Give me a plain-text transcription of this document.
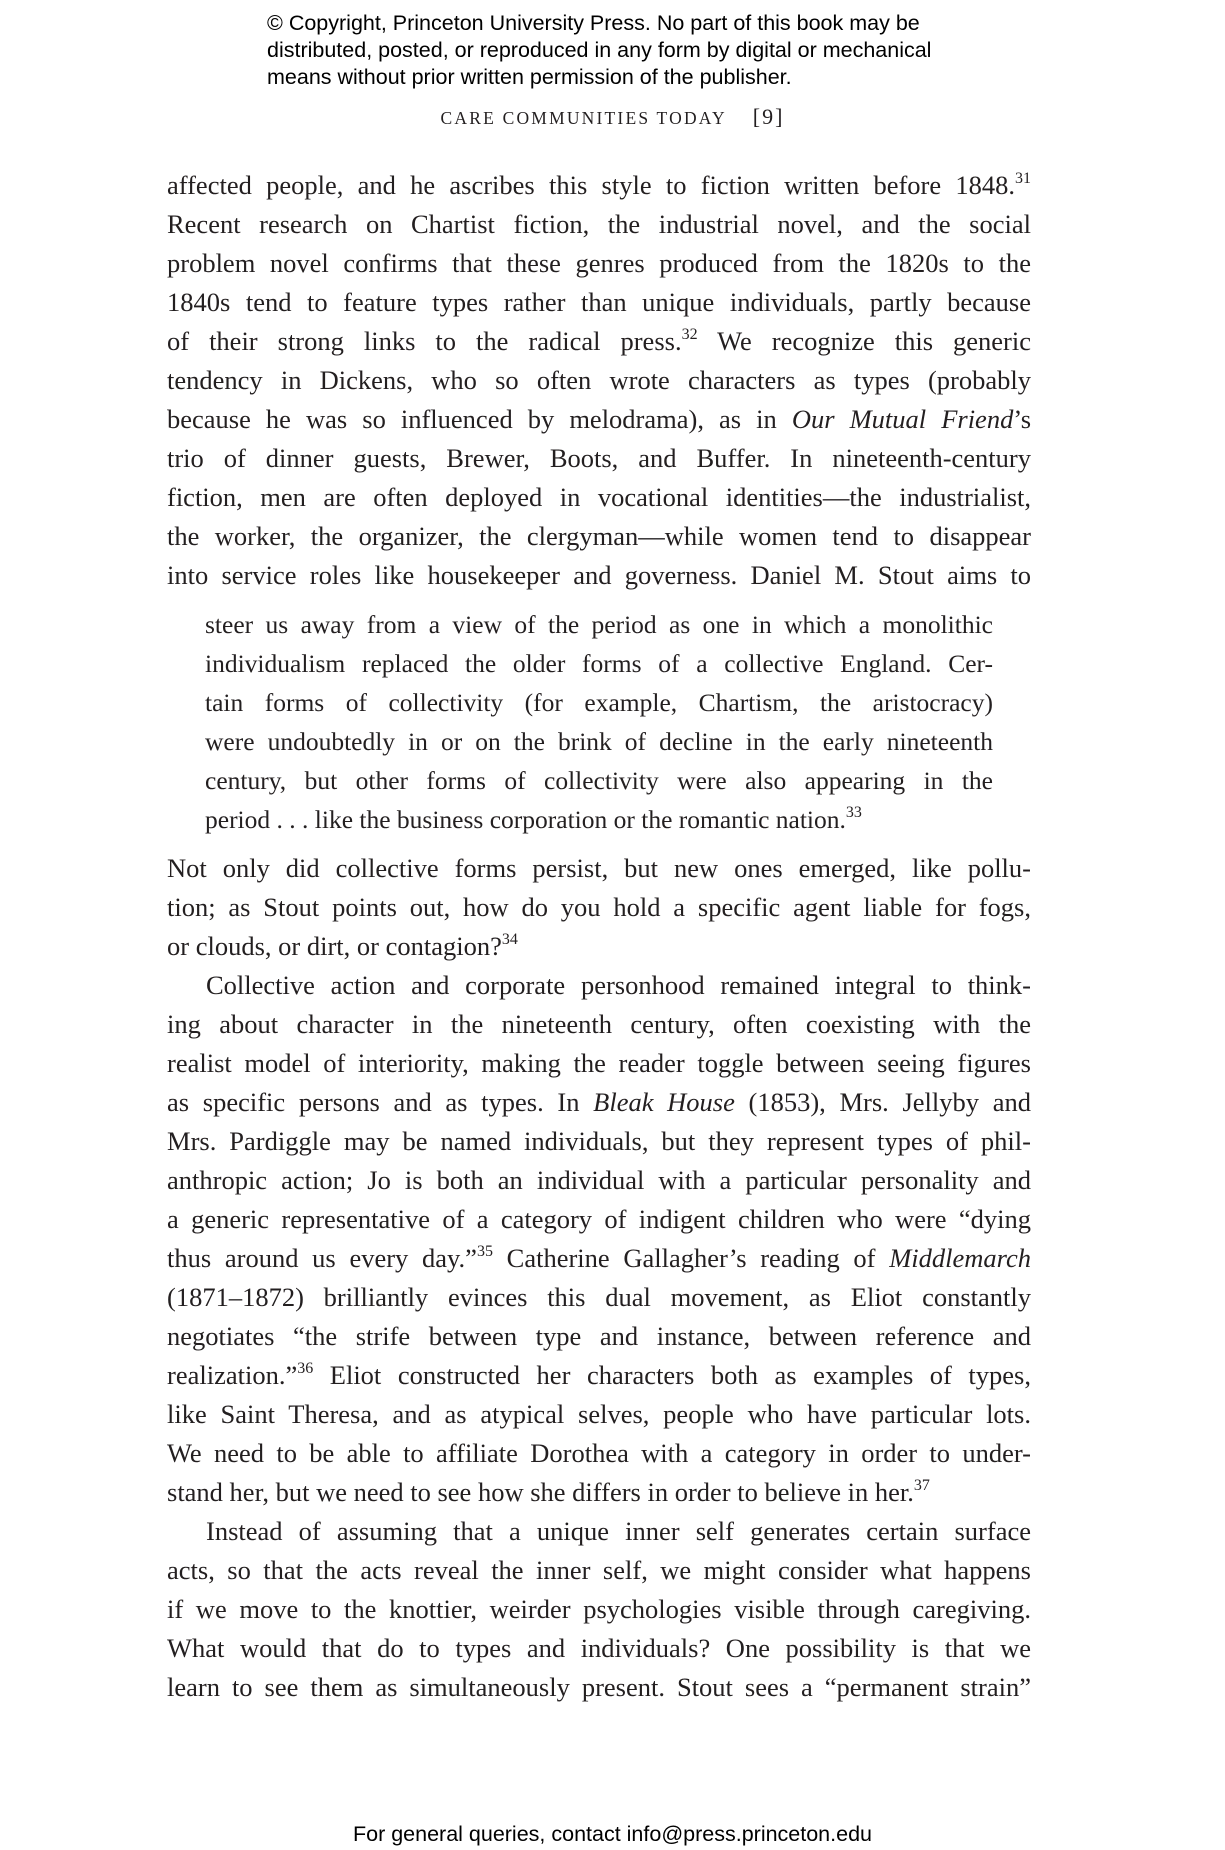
© Copyright, Princeton University Press. No part of this book may be
distributed, posted, or reproduced in any form by digital or mechanical
means without prior written permission of the publisher.
CARE COMMUNITIES TODAY [9]
affected people, and he ascribes this style to fiction written before 1848.31
Recent research on Chartist fiction, the industrial novel, and the social
problem novel confirms that these genres produced from the 1820s to the
1840s tend to feature types rather than unique individuals, partly because
of their strong links to the radical press.$^{32}$ We recognize this generic
tendency in Dickens, who so often wrote characters as types (probably
because he was so influenced by melodrama), as in Our Mutual Friend’s
trio of dinner guests, Brewer, Boots, and Buffer. In nineteenth-century
fiction, men are often deployed in vocational identities—the industrialist,
the worker, the organizer, the clergyman—while women tend to disappear
into service roles like housekeeper and governess. Daniel M. Stout aims to
steer us away from a view of the period as one in which a monolithic
individualism replaced the older forms of a collective England. Cer-
tain forms of collectivity (for example, Chartism, the aristocracy)
were undoubtedly in or on the brink of decline in the early nineteenth
century, but other forms of collectivity were also appearing in the
period . . . like the business corporation or the romantic nation.$^{33}$
Not only did collective forms persist, but new ones emerged, like pollu-
tion; as Stout points out, how do you hold a specific agent liable for fogs,
or clouds, or dirt, or contagion?$^{34}$
Collective action and corporate personhood remained integral to think-
ing about character in the nineteenth century, often coexisting with the
realist model of interiority, making the reader toggle between seeing figures
as specific persons and as types. In Bleak House (1853), Mrs. Jellyby and
Mrs. Pardiggle may be named individuals, but they represent types of phil-
anthropic action; Jo is both an individual with a particular personality and
a generic representative of a category of indigent children who were “dying
thus around us every day.”$^{35}$ Catherine Gallagher’s reading of Middlemarch
(1871–1872) brilliantly evinces this dual movement, as Eliot constantly
negotiates “the strife between type and instance, between reference and
realization.”$^{36}$ Eliot constructed her characters both as examples of types,
like Saint Theresa, and as atypical selves, people who have particular lots.
We need to be able to affiliate Dorothea with a category in order to under-
stand her, but we need to see how she differs in order to believe in her.$^{37}$
Instead of assuming that a unique inner self generates certain surface
acts, so that the acts reveal the inner self, we might consider what happens
if we move to the knottier, weirder psychologies visible through caregiving.
What would that do to types and individuals? One possibility is that we
learn to see them as simultaneously present. Stout sees a “permanent strain”
For general queries, contact info@press.princeton.edu
